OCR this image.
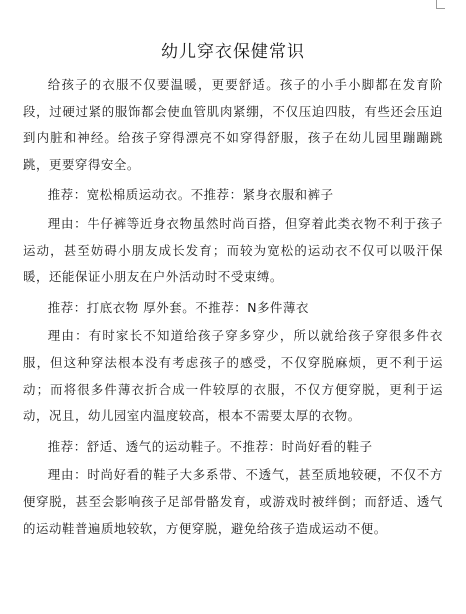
幼儿穿衣保健常识

给孩子的衣服不仅要温暖，更要舒适。孩子的小手小脚都在发育阶段，过硬过紧的服饰都会使血管肌肉紧绷，不仅压迫四肢，有些还会压迫到内脏和神经。给孩子穿得漂亮不如穿得舒服，孩子在幼儿园里蹦蹦跳跳，更要穿得安全。

推荐：宽松棉质运动衣。不推荐：紧身衣服和裤子

理由：牛仔裤等近身衣物虽然时尚百搭，但穿着此类衣物不利于孩子运动，甚至妨碍小朋友成长发育；而较为宽松的运动衣不仅可以吸汗保暖，还能保证小朋友在户外活动时不受束缚。

推荐：打底衣物 厚外套。不推荐：N多件薄衣

理由：有时家长不知道给孩子穿多穿少，所以就给孩子穿很多件衣服，但这种穿法根本没有考虑孩子的感受，不仅穿脱麻烦，更不利于运动；而将很多件薄衣折合成一件较厚的衣服，不仅方便穿脱，更利于运动，况且，幼儿园室内温度较高，根本不需要太厚的衣物。

推荐：舒适、透气的运动鞋子。不推荐：时尚好看的鞋子

理由：时尚好看的鞋子大多系带、不透气，甚至质地较硬，不仅不方便穿脱，甚至会影响孩子足部骨骼发育，或游戏时被绊倒；而舒适、透气的运动鞋普遍质地较软，方便穿脱，避免给孩子造成运动不便。
